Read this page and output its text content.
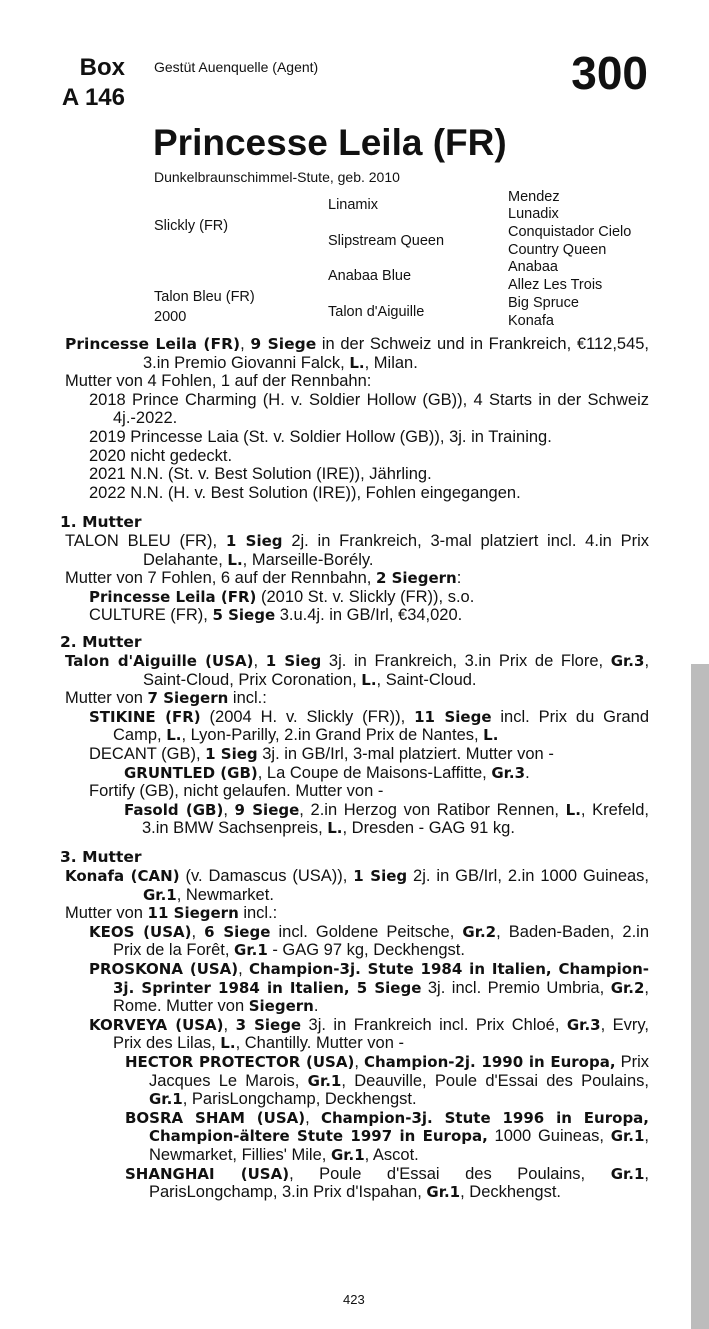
Box
A 146
Gestüt Auenquelle (Agent)	300
Princesse Leila (FR)
Dunkelbraunschimmel-Stute, geb. 2010
Slickly (FR)
Talon Bleu (FR)
2000
Linamix
Slipstream Queen
Anabaa Blue
Talon d'Aiguille
Mendez
Lunadix
Conquistador Cielo
Country Queen
Anabaa
Allez Les Trois
Big Spruce
Konafa

Princesse Leila (FR), 9 Siege in der Schweiz und in Frankreich, €112,545, 3.in Premio Giovanni Falck, L., Milan.

Mutter von 4 Fohlen, 1 auf der Rennbahn:

2018 Prince Charming (H. v. Soldier Hollow (GB)), 4 Starts in der Schweiz 4j.-2022.

2019 Princesse Laia (St. v. Soldier Hollow (GB)), 3j. in Training.

2020 nicht gedeckt.

2021 N.N. (St. v. Best Solution (IRE)), Jährling.

2022 N.N. (H. v. Best Solution (IRE)), Fohlen eingegangen.

1. Mutter

TALON BLEU (FR), 1 Sieg 2j. in Frankreich, 3-mal platziert incl. 4.in Prix Delahante, L., Marseille-Borély.

Mutter von 7 Fohlen, 6 auf der Rennbahn, 2 Siegern:

Princesse Leila (FR) (2010 St. v. Slickly (FR)), s.o.

CULTURE (FR), 5 Siege 3.u.4j. in GB/Irl, €34,020.

2. Mutter

Talon d'Aiguille (USA), 1 Sieg 3j. in Frankreich, 3.in Prix de Flore, Gr.3, Saint-Cloud, Prix Coronation, L., Saint-Cloud.

Mutter von 7 Siegern incl.:

STIKINE (FR) (2004 H. v. Slickly (FR)), 11 Siege incl. Prix du Grand Camp, L., Lyon-Parilly, 2.in Grand Prix de Nantes, L.

DECANT (GB), 1 Sieg 3j. in GB/Irl, 3-mal platziert. Mutter von -

GRUNTLED (GB), La Coupe de Maisons-Laffitte, Gr.3.

Fortify (GB), nicht gelaufen. Mutter von -

Fasold (GB), 9 Siege, 2.in Herzog von Ratibor Rennen, L., Krefeld, 3.in BMW Sachsenpreis, L., Dresden - GAG 91 kg.

3. Mutter

Konafa (CAN) (v. Damascus (USA)), 1 Sieg 2j. in GB/Irl, 2.in 1000 Guineas, Gr.1, Newmarket.

Mutter von 11 Siegern incl.:

KEOS (USA), 6 Siege incl. Goldene Peitsche, Gr.2, Baden-Baden, 2.in Prix de la Forêt, Gr.1 - GAG 97 kg, Deckhengst.

PROSKONA (USA), Champion-3j. Stute 1984 in Italien, Champion-3j. Sprinter 1984 in Italien, 5 Siege 3j. incl. Premio Umbria, Gr.2, Rome. Mutter von Siegern.

KORVEYA (USA), 3 Siege 3j. in Frankreich incl. Prix Chloé, Gr.3, Evry, Prix des Lilas, L., Chantilly. Mutter von -

HECTOR PROTECTOR (USA), Champion-2j. 1990 in Europa, Prix Jacques Le Marois, Gr.1, Deauville, Poule d'Essai des Poulains, Gr.1, ParisLongchamp, Deckhengst.

BOSRA SHAM (USA), Champion-3j. Stute 1996 in Europa, Champion-ältere Stute 1997 in Europa, 1000 Guineas, Gr.1, Newmarket, Fillies' Mile, Gr.1, Ascot.

SHANGHAI (USA), Poule d'Essai des Poulains, Gr.1, ParisLongchamp, 3.in Prix d'Ispahan, Gr.1, Deckhengst.

423
